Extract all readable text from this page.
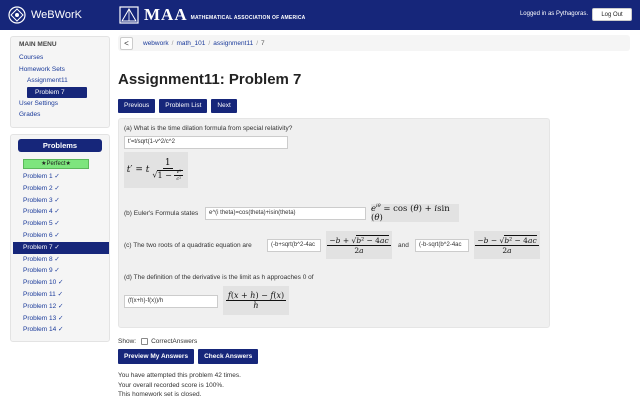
WeBWorK	MAA MATHEMATICAL ASSOCIATION OF AMERICA
Logged in as Pythagoras.	Log Out
MAIN MENU
Courses
Homework Sets
Assignment11
Problem 7
User Settings
Grades
Problems
★Perfect★
Problem 1 ✓
Problem 2 ✓
Problem 3 ✓
Problem 4 ✓
Problem 5 ✓
Problem 6 ✓
Problem 7 ✓
Problem 8 ✓
Problem 9 ✓
Problem 10 ✓
Problem 11 ✓
Problem 12 ✓
Problem 13 ✓
Problem 14 ✓
<	webwork / math_101 / assignment11 / 7
Assignment11: Problem 7
Previous	Problem List	Next
(a) What is the time dilation formula from special relativity?
t'=t/sqrt(1-v^2/c^2
t′ = t $\frac{1}{√1 - \frac{\text{v²}}{\text{c²}}}$
(b) Euler's Formula states	e^(i theta)=cos(theta)+isin(theta)	$e^{i\theta} = \cos (\theta) + isin$ (θ)
(c) The two roots of a quadratic equation are	(-b+sqrt(b^2-4ac	$\frac{\text{−b + √b² − 4ac}}{2a}$ and	(-b-sqrt(b^2-4ac	$\frac{\text{−b − √b² − 4ac}}{2a}$
(d) The definition of the derivative is the limit as h approaches 0 of
(f(x+h)-f(x))/h	$\frac{f(x + h) - f(x)}{h}$
Show: CorrectAnswers
Preview My Answers	Check Answers
You have attempted this problem 42 times.
Your overall recorded score is 100%.
This homework set is closed.
